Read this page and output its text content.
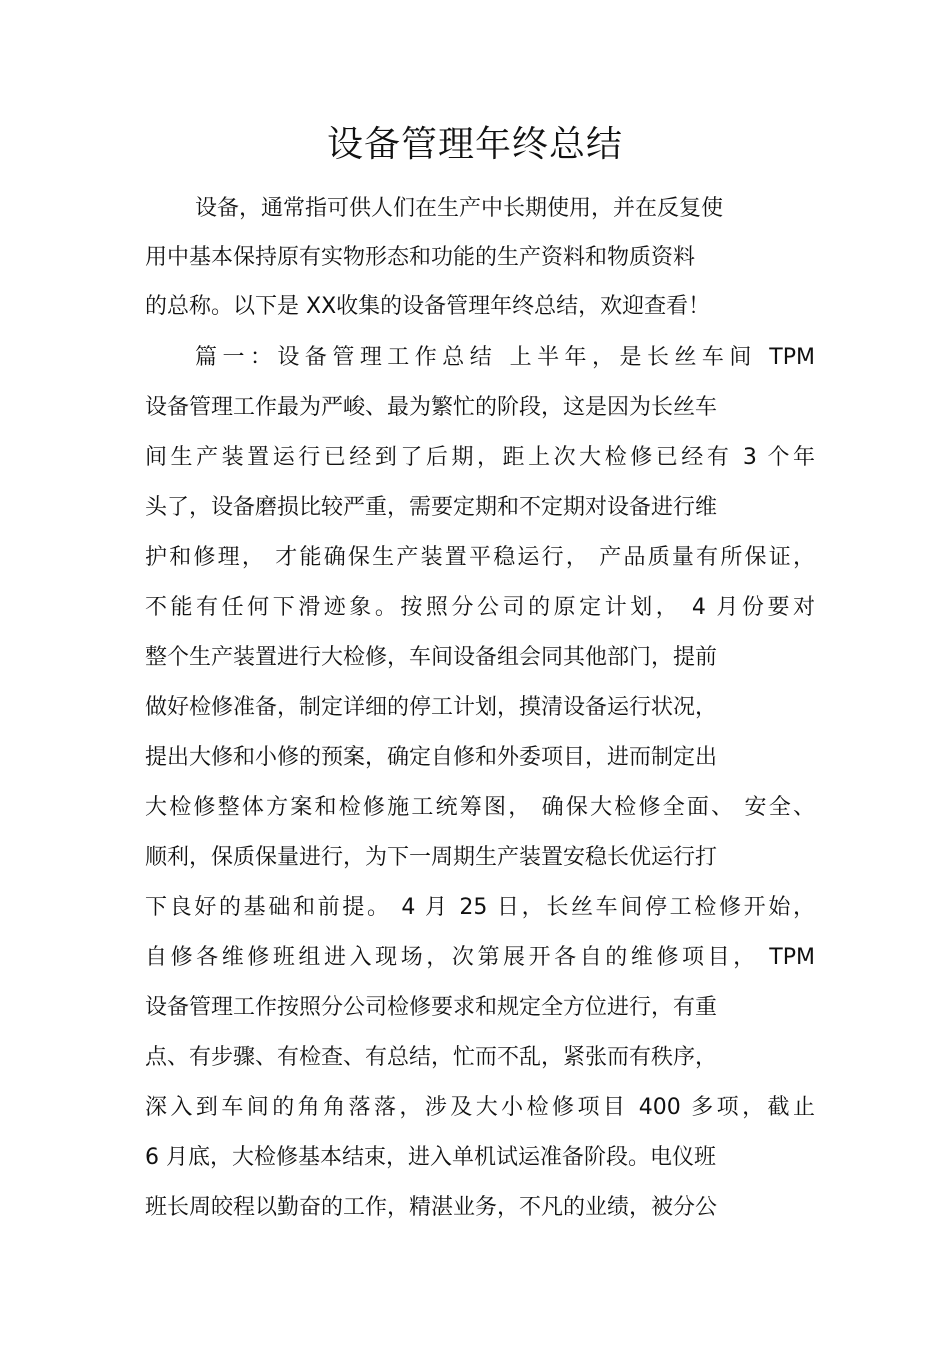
设备管理年终总结
设备，通常指可供人们在生产中长期使用，并在反复使
用中基本保持原有实物形态和功能的生产资料和物质资料
的总称。以下是 XX收集的设备管理年终总结，欢迎查看！
篇一：设备管理工作总结 上半年，是长丝车间 TPM
设备管理工作最为严峻、最为繁忙的阶段，这是因为长丝车
间生产装置运行已经到了后期，距上次大检修已经有 3 个年
头了，设备磨损比较严重，需要定期和不定期对设备进行维
护和修理， 才能确保生产装置平稳运行， 产品质量有所保证，
不能有任何下滑迹象。按照分公司的原定计划， 4 月份要对
整个生产装置进行大检修，车间设备组会同其他部门，提前
做好检修准备，制定详细的停工计划，摸清设备运行状况，
提出大修和小修的预案，确定自修和外委项目，进而制定出
大检修整体方案和检修施工统筹图， 确保大检修全面、 安全、
顺利，保质保量进行，为下一周期生产装置安稳长优运行打
下良好的基础和前提。 4 月 25 日，长丝车间停工检修开始，
自修各维修班组进入现场，次第展开各自的维修项目， TPM
设备管理工作按照分公司检修要求和规定全方位进行，有重
点、有步骤、有检查、有总结，忙而不乱，紧张而有秩序，
深入到车间的角角落落，涉及大小检修项目 400 多项，截止
6 月底，大检修基本结束，进入单机试运准备阶段。电仪班
班长周皎程以勤奋的工作，精湛业务，不凡的业绩，被分公
